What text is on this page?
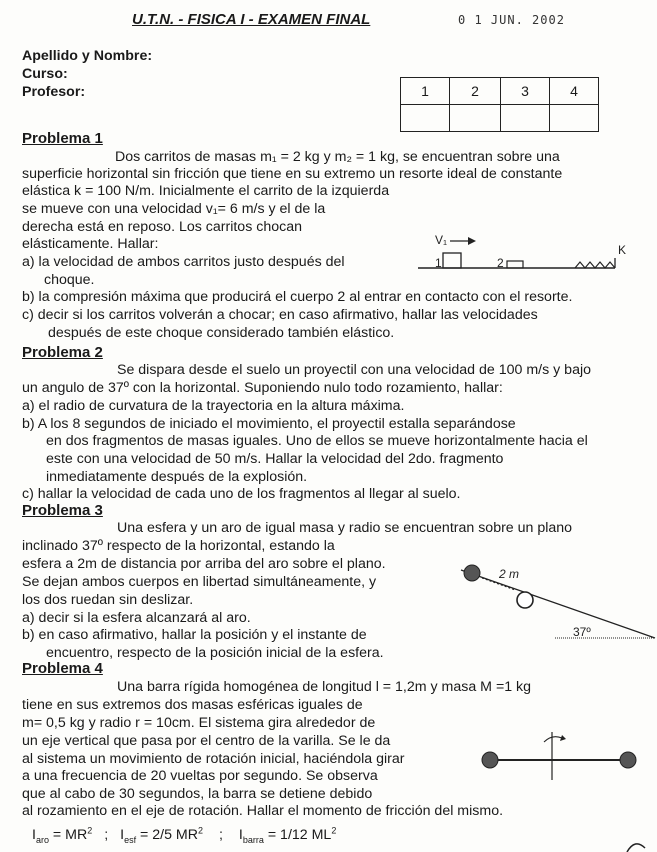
U.T.N. - FISICA I - EXAMEN FINAL	0 1 JUN. 2002
Apellido y Nombre:
Curso:
Profesor:	1	2	3	4

Problema 1
Dos carritos de masas m₁ = 2 kg y m₂ = 1 kg, se encuentran sobre una
superficie horizontal sin fricción que tiene en su extremo un resorte ideal de constante
elástica k = 100 N/m. Inicialmente el carrito de la izquierda
se mueve con una velocidad v₁= 6 m/s y el de la
derecha está en reposo. Los carritos chocan
elásticamente. Hallar:
a) la velocidad de ambos carritos justo después del
choque.
b) la compresión máxima que producirá el cuerpo 2 al entrar en contacto con el resorte.
c) decir si los carritos volverán a chocar; en caso afirmativo, hallar las velocidades
después de este choque considerado también elástico.
V₁
K
1	2
Problema 2
Se dispara desde el suelo un proyectil con una velocidad de 100 m/s y bajo
un angulo de 37º con la horizontal. Suponiendo nulo todo rozamiento, hallar:
a) el radio de curvatura de la trayectoria en la altura máxima.
b) A los 8 segundos de iniciado el movimiento, el proyectil estalla separándose
en dos fragmentos de masas iguales. Uno de ellos se mueve horizontalmente hacia el
este con una velocidad de 50 m/s. Hallar la velocidad del 2do. fragmento
inmediatamente después de la explosión.
c) hallar la velocidad de cada uno de los fragmentos al llegar al suelo.
Problema 3
Una esfera y un aro de igual masa y radio se encuentran sobre un plano
inclinado 37º respecto de la horizontal, estando la
esfera a 2m de distancia por arriba del aro sobre el plano.
Se dejan ambos cuerpos en libertad simultáneamente, y
los dos ruedan sin deslizar.
a) decir si la esfera alcanzará al aro.
b) en caso afirmativo, hallar la posición y el instante de
encuentro, respecto de la posición inicial de la esfera.
2 m
37º
Problema 4
Una barra rígida homogénea de longitud l = 1,2m y masa M =1 kg
tiene en sus extremos dos masas esféricas iguales de
m= 0,5 kg y radio r = 10cm. El sistema gira alrededor de
un eje vertical que pasa por el centro de la varilla. Se le da
al sistema un movimiento de rotación inicial, haciéndola girar
a una frecuencia de 20 vueltas por segundo. Se observa
que al cabo de 30 segundos, la barra se detiene debido
al rozamiento en el eje de rotación. Hallar el momento de fricción del mismo.
$I_{aro} = MR^2$ ; $I_{esf} = 2/5$ $MR^2$ ; $I_{barra} = 1/12$ $ML^2$
